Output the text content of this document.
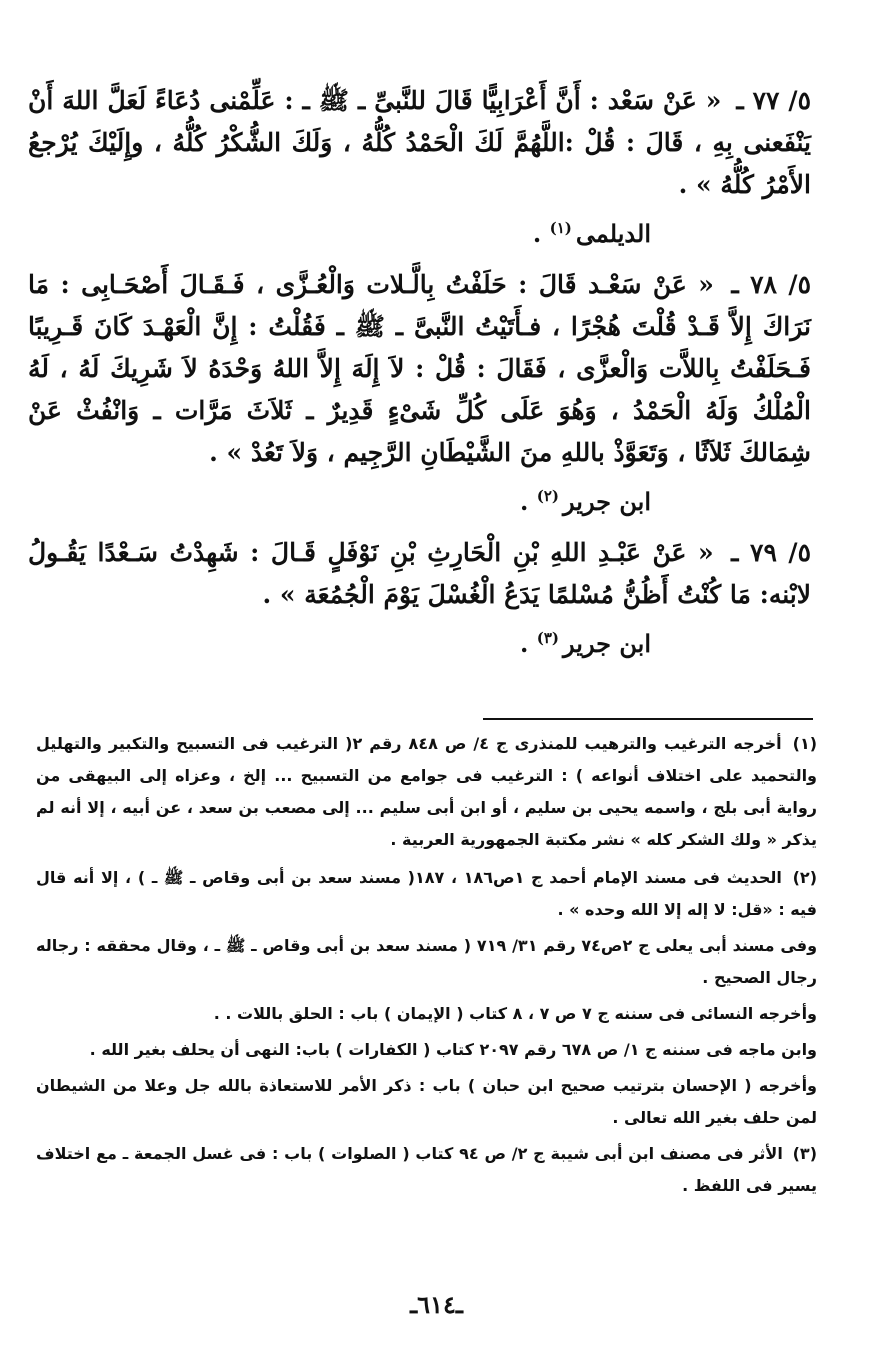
٥/ ٧٧ ـ « عَنْ سَعْد : أَنَّ أَعْرَابِيًّا قَالَ للنَّبىِّ ـ ﷺ ـ : عَلِّمْنى دُعَاءً لَعَلَّ اللهَ أَنْ يَنْفَعنى بِهِ ، قَالَ : قُلْ :اللَّهُمَّ لَكَ الْحَمْدُ كُلُّهُ ، وَلَكَ الشُّكْرُ كُلُّهُ ، وإِلَيْكَ يُرْجعُ الأَمْرُ كُلُّهُ » .

الديلمى$^{(١)}$ .

٥/ ٧٨ ـ « عَنْ سَعْـد قَالَ : حَلَفْتُ بِالَّـلات وَالْعُـزَّى ، فَـقَـالَ أَصْحَـابِى : مَا نَرَاكَ إِلاَّ قَـدْ قُلْتَ هُجْرًا ، فـأَتَيْتُ النَّبىَّ ـ ﷺ ـ فَقُلْتُ : إِنَّ الْعَهْـدَ كَانَ قَـرِيبًا فَـحَلَفْتُ بِاللاَّت وَالْعزَّى ، فَقَالَ : قُلْ : لاَ إِلَهَ إِلاَّ اللهُ وَحْدَهُ لاَ شَرِيكَ لَهُ ، لَهُ الْمُلْكُ وَلَهُ الْحَمْدُ ، وَهُوَ عَلَى كُلِّ شَىْءٍ قَدِيرٌ ـ ثَلاَثَ مَرَّات ـ وَانْفُثْ عَنْ شِمَالكَ ثَلاَثًا ، وَتَعَوَّذْ باللهِ منَ الشَّيْطَانِ الرَّجِيم ، وَلاَ تَعُدْ » .

ابن جرير$^{(٢)}$ .

٥/ ٧٩ ـ « عَنْ عَبْـدِ اللهِ بْنِ الْحَارِثِ بْنِ نَوْفَلٍ قَـالَ : شَهِدْتُ سَـعْدًا يَقُـولُ لابْنه: مَا كُنْتُ أَظُنُّ مُسْلمًا يَدَعُ الْغُسْلَ يَوْمَ الْجُمُعَة » .

ابن جرير$^{(٣)}$ .

(١) أخرجه الترغيب والترهيب للمنذرى ج ٤/ ص ٨٤٨ رقم ٢( الترغيب فى التسبيح والتكبير والتهليل والتحميد على اختلاف أنواعه ) : الترغيب فى جوامع من التسبيح ... إلخ ، وعزاه إلى البيهقى من رواية أبى بلج ، واسمه يحيى بن سليم ، أو ابن أبى سليم ... إلى مصعب بن سعد ، عن أبيه ، إلا أنه لم يذكر « ولك الشكر كله » نشر مكتبة الجمهورية العربية .

(٢) الحديث فى مسند الإمام أحمد ج ١ص١٨٦ ، ١٨٧( مسند سعد بن أبى وقاص ـ ﷺ ـ ) ، إلا أنه قال فيه : «قل: لا إله إلا الله وحده » .

وفى مسند أبى يعلى ج ٢ص٧٤ رقم ٣١/ ٧١٩ ( مسند سعد بن أبى وقاص ـ ﷺ ـ ، وقال محققه : رجاله رجال الصحيح .

وأخرجه النسائى فى سننه ج ٧ ص ٧ ، ٨ كتاب ( الإيمان ) باب : الحلق باللات . .

وابن ماجه فى سننه ج ١/ ص ٦٧٨ رقم ٢٠٩٧ كتاب ( الكفارات ) باب: النهى أن يحلف بغير الله .

وأخرجه ( الإحسان بترتيب صحيح ابن حبان ) باب : ذكر الأمر للاستعاذة بالله جل وعلا من الشيطان لمن حلف بغير الله تعالى .

(٣) الأثر فى مصنف ابن أبى شيبة ج ٢/ ص ٩٤ كتاب ( الصلوات ) باب : فى غسل الجمعة ـ مع اختلاف يسير فى اللفظ .

ـ٦١٤ـ
